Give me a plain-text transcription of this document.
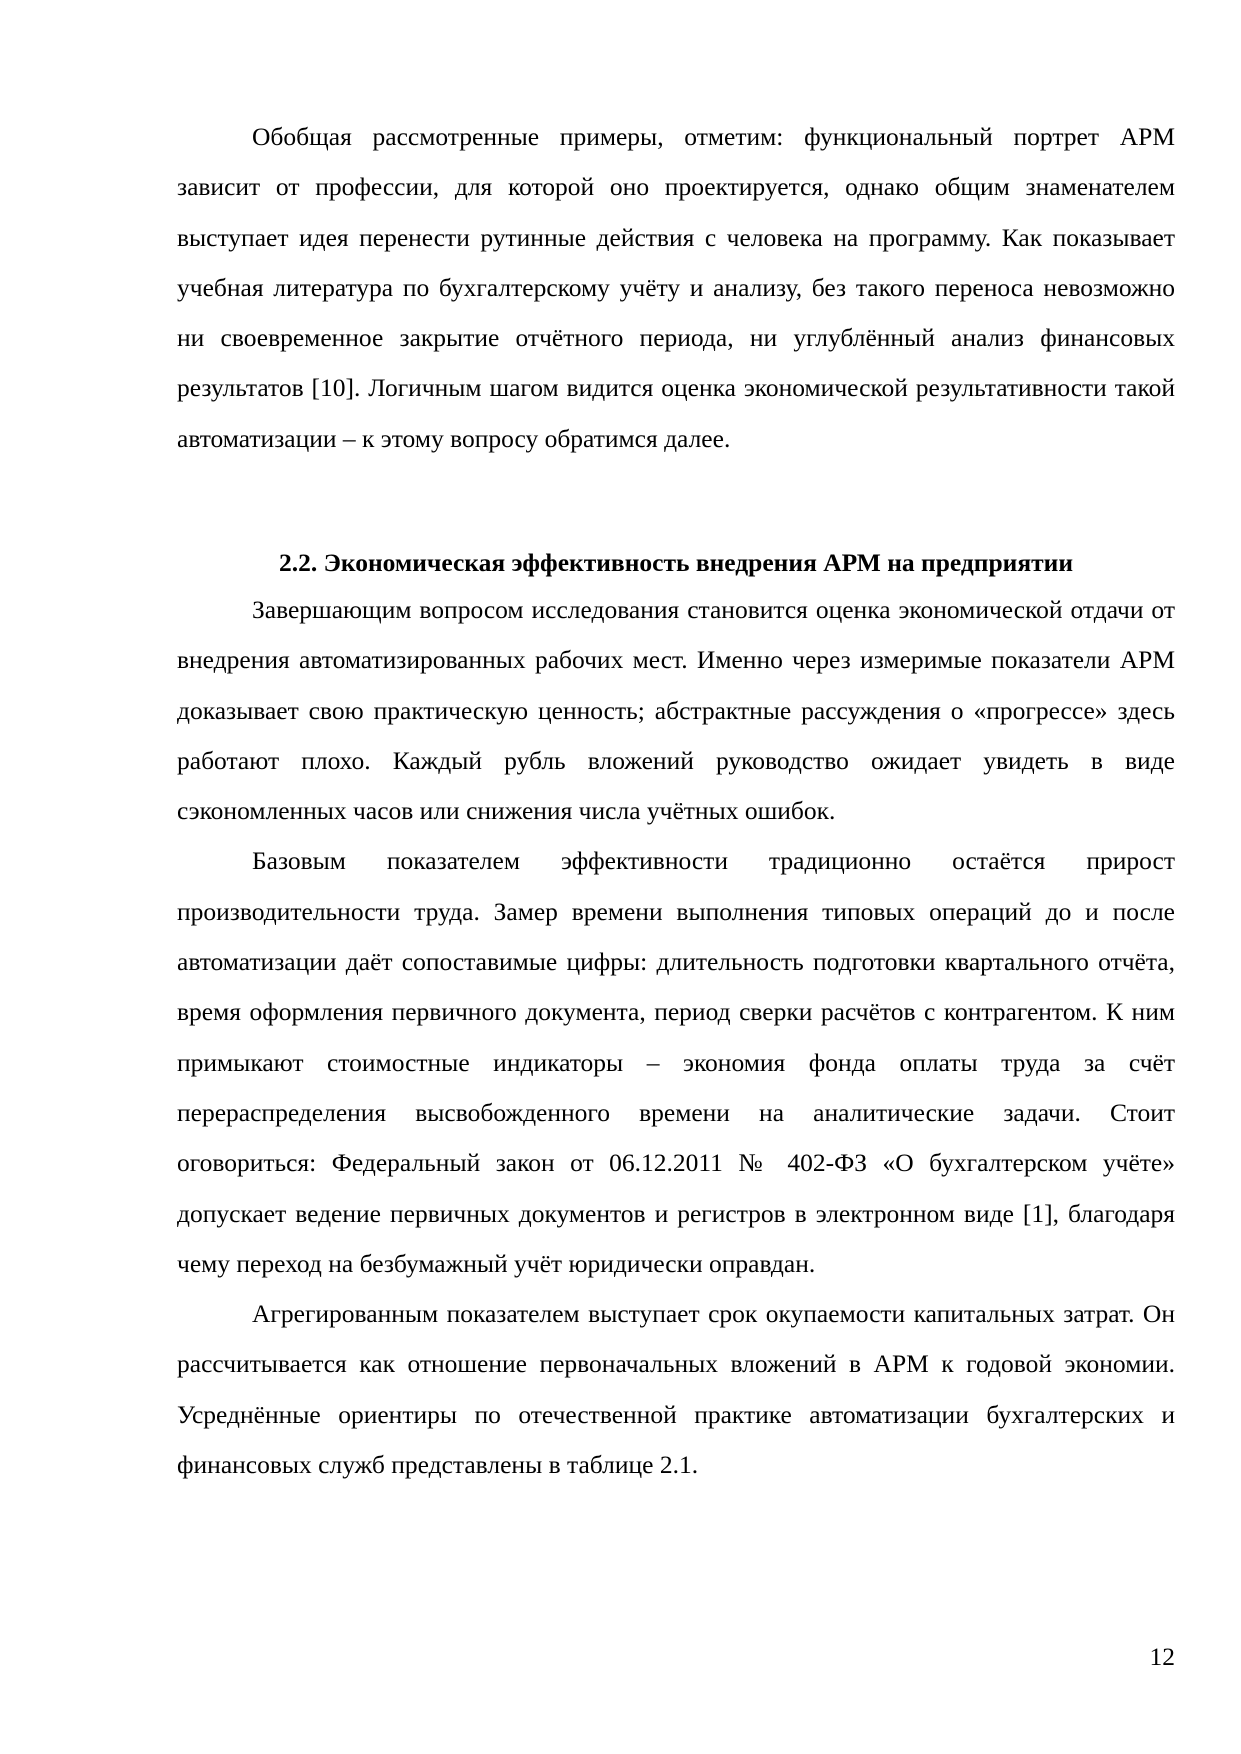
Обобщая рассмотренные примеры, отметим: функциональный портрет АРМ зависит от профессии, для которой оно проектируется, однако общим знаменателем выступает идея перенести рутинные действия с человека на программу. Как показывает учебная литература по бухгалтерскому учёту и анализу, без такого переноса невозможно ни своевременное закрытие отчётного периода, ни углублённый анализ финансовых результатов [10]. Логичным шагом видится оценка экономической результативности такой автоматизации – к этому вопросу обратимся далее.

2.2. Экономическая эффективность внедрения АРМ на предприятии

Завершающим вопросом исследования становится оценка экономической отдачи от внедрения автоматизированных рабочих мест. Именно через измеримые показатели АРМ доказывает свою практическую ценность; абстрактные рассуждения о «прогрессе» здесь работают плохо. Каждый рубль вложений руководство ожидает увидеть в виде сэкономленных часов или снижения числа учётных ошибок.

Базовым показателем эффективности традиционно остаётся прирост производительности труда. Замер времени выполнения типовых операций до и после автоматизации даёт сопоставимые цифры: длительность подготовки квартального отчёта, время оформления первичного документа, период сверки расчётов с контрагентом. К ним примыкают стоимостные индикаторы – экономия фонда оплаты труда за счёт перераспределения высвобожденного времени на аналитические задачи. Стоит оговориться: Федеральный закон от 06.12.2011 № 402-ФЗ «О бухгалтерском учёте» допускает ведение первичных документов и регистров в электронном виде [1], благодаря чему переход на безбумажный учёт юридически оправдан.

Агрегированным показателем выступает срок окупаемости капитальных затрат. Он рассчитывается как отношение первоначальных вложений в АРМ к годовой экономии. Усреднённые ориентиры по отечественной практике автоматизации бухгалтерских и финансовых служб представлены в таблице 2.1.

12
